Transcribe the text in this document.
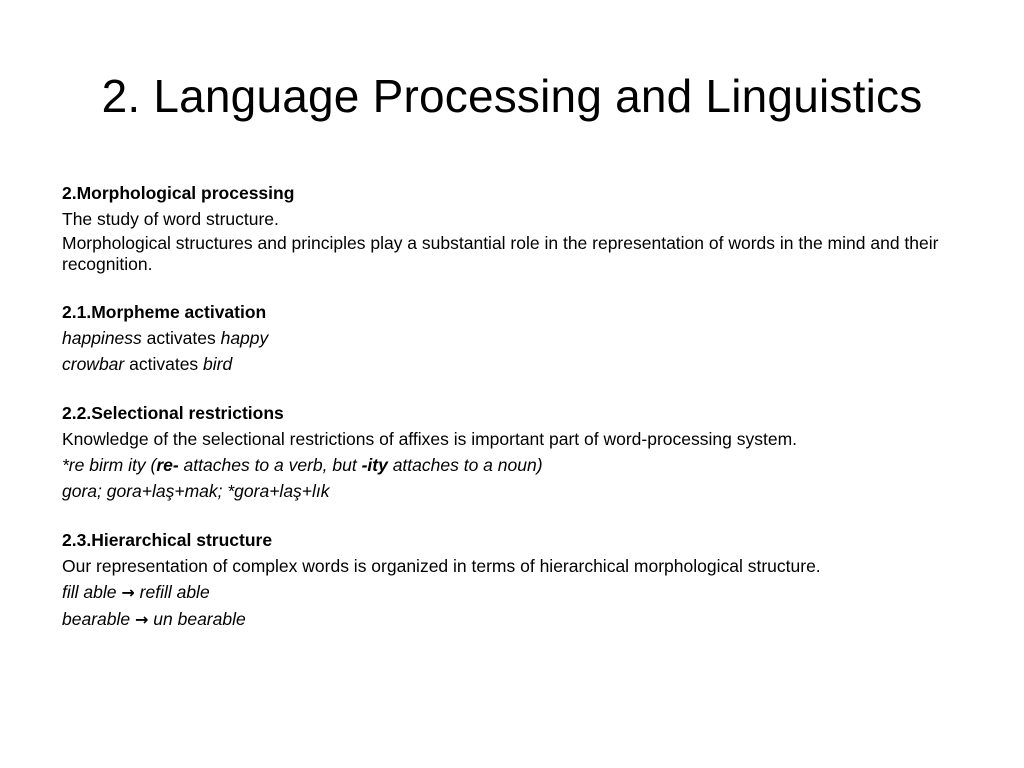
2. Language Processing and Linguistics

2.Morphological processing

The study of word structure.

Morphological structures and principles play a substantial role in the representation of words in the mind and their recognition.

2.1.Morpheme activation

happiness activates happy

crowbar activates bird

2.2.Selectional restrictions

Knowledge of the selectional restrictions of affixes is important part of word-processing system.

*re birm ity (re- attaches to a verb, but -ity attaches to a noun)

gora; gora+laş+mak; *gora+laş+lık

2.3.Hierarchical structure

Our representation of complex words is organized in terms of hierarchical morphological structure.

fill able → refill able

bearable → un bearable
